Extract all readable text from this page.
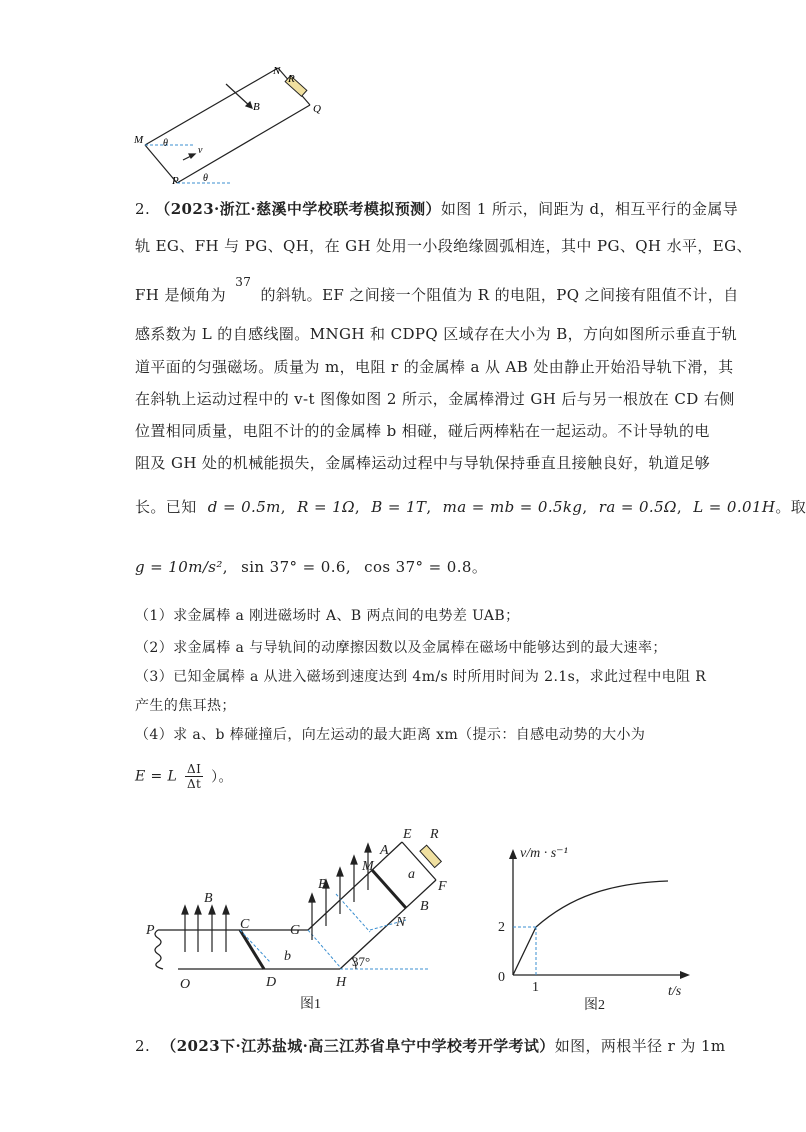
N
R
B	Q
M θ
v
P θ
2. （2023·浙江·慈溪中学校联考模拟预测）如图 1 所示，间距为 d，相互平行的金属导
轨 EG、FH 与 PG、QH，在 GH 处用一小段绝缘圆弧相连，其中 PG、QH 水平，EG、
FH 是倾角为 $^{37}$ 的斜轨。EF 之间接一个阻值为 R 的电阻，PQ 之间接有阻值不计，自
感系数为 L 的自感线圈。MNGH 和 CDPQ 区域存在大小为 B，方向如图所示垂直于轨
道平面的匀强磁场。质量为 m，电阻 r 的金属棒 a 从 AB 处由静止开始沿导轨下滑，其
在斜轨上运动过程中的 v-t 图像如图 2 所示，金属棒滑过 GH 后与另一根放在 CD 右侧
位置相同质量，电阻不计的的金属棒 b 相碰，碰后两棒粘在一起运动。不计导轨的电
阻及 GH 处的机械能损失，金属棒运动过程中与导轨保持垂直且接触良好，轨道足够
长。已知 d = 0.5m, R = 1Ω, B = 1T, ma = mb = 0.5kg, ra = 0.5Ω, L = 0.01H。取
g = 10m/s², sin 37° = 0.6, cos 37° = 0.8。
（1）求金属棒 a 刚进磁场时 A、B 两点间的电势差 UAB；
（2）求金属棒 a 与导轨间的动摩擦因数以及金属棒在磁场中能够达到的最大速率；
（3）已知金属棒 a 从进入磁场到速度达到 4m/s 时所用时间为 2.1s，求此过程中电阻 R
产生的焦耳热；
（4）求 a、b 棒碰撞后，向左运动的最大距离 xm（提示：自感电动势的大小为
E = L $\frac{\Delta I}{\Delta t}$ ）。
E
A
R
M
a
F
B
N
B
B
P	C	G
b
O	D	H
37°
图1
v/m · s⁻¹
2
0
1	t/s
图2
2. （2023下·江苏盐城·高三江苏省阜宁中学校考开学考试）如图，两根半径 r 为 1m
